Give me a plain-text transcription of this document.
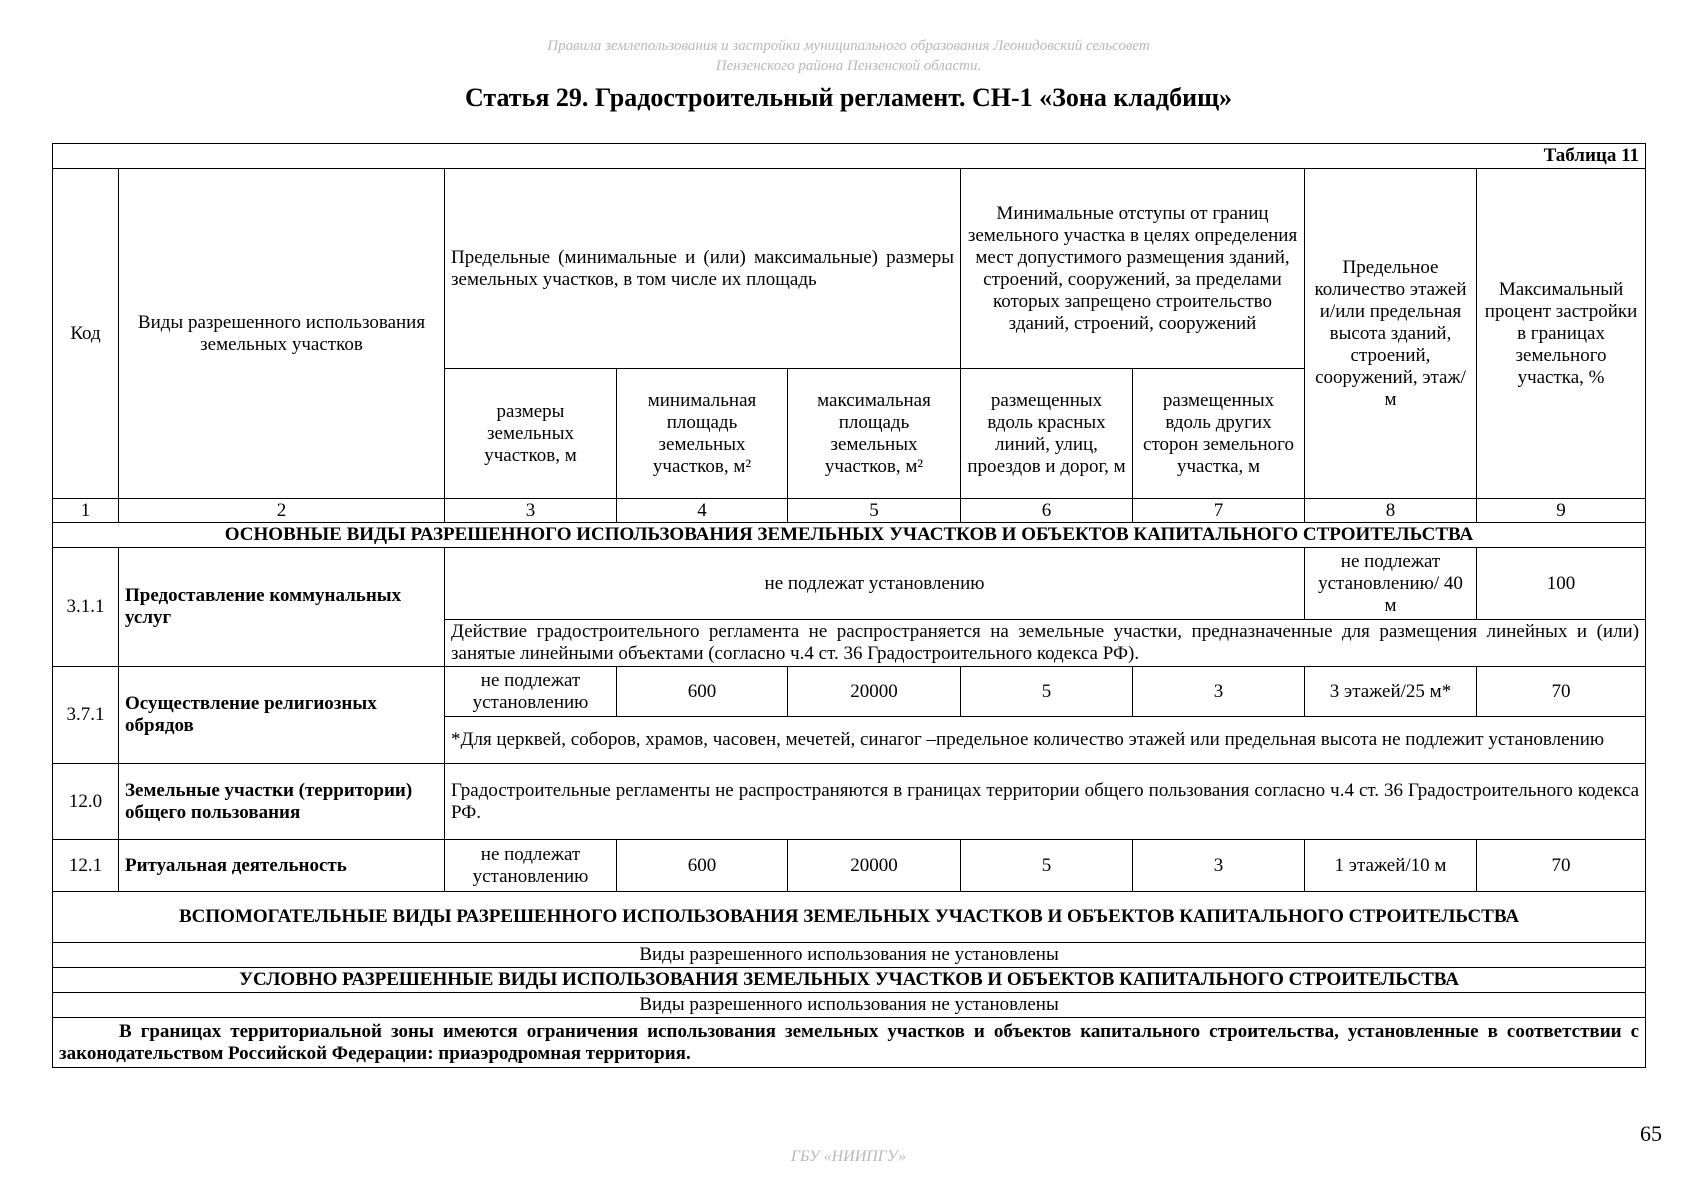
Правила землепользования и застройки муниципального образования Леонидовский сельсовет
Пензенского района Пензенской области.
Статья 29. Градостроительный регламент. СН-1 «Зона кладбищ»
Таблица 11								
Код	Виды разрешенного использования земельных участков	Предельные (минимальные и (или) максимальные) размеры земельных участков, в том числе их площадь			Минимальные отступы от границ земельного участка в целях определения мест допустимого размещения зданий, строений, сооружений, за пределами которых запрещено строительство зданий, строений, сооружений		Предельное количество этажей и/или предельная высота зданий, строений, сооружений, этаж/м	Максимальный процент застройки в границах земельного участка, %
		размеры земельных участков, м	минимальная площадь земельных участков, м²	максимальная площадь земельных участков, м²	размещенных вдоль красных линий, улиц, проездов и дорог, м	размещенных вдоль других сторон земельного участка, м		
1	2	3	4	5	6	7	8	9
ОСНОВНЫЕ ВИДЫ РАЗРЕШЕННОГО ИСПОЛЬЗОВАНИЯ ЗЕМЕЛЬНЫХ УЧАСТКОВ И ОБЪЕКТОВ КАПИТАЛЬНОГО СТРОИТЕЛЬСТВА								
3.1.1	Предоставление коммунальных услуг	не подлежат установлению					не подлежат установлению/ 40 м	100
		Действие градостроительного регламента не распространяется на земельные участки, предназначенные для размещения линейных и (или) занятые линейными объектами (согласно ч.4 ст. 36 Градостроительного кодекса РФ).						
3.7.1	Осуществление религиозных обрядов	не подлежат установлению	600	20000	5	3	3 этажей/25 м*	70
		*Для церквей, соборов, храмов, часовен, мечетей, синагог –предельное количество этажей или предельная высота не подлежит установлению						
12.0	Земельные участки (территории) общего пользования	Градостроительные регламенты не распространяются в границах территории общего пользования согласно ч.4 ст. 36 Градостроительного кодекса РФ.						
12.1	Ритуальная деятельность	не подлежат установлению	600	20000	5	3	1 этажей/10 м	70
ВСПОМОГАТЕЛЬНЫЕ ВИДЫ РАЗРЕШЕННОГО ИСПОЛЬЗОВАНИЯ ЗЕМЕЛЬНЫХ УЧАСТКОВ И ОБЪЕКТОВ КАПИТАЛЬНОГО СТРОИТЕЛЬСТВА								
Виды разрешенного использования не установлены								
УСЛОВНО РАЗРЕШЕННЫЕ ВИДЫ ИСПОЛЬЗОВАНИЯ ЗЕМЕЛЬНЫХ УЧАСТКОВ И ОБЪЕКТОВ КАПИТАЛЬНОГО СТРОИТЕЛЬСТВА								
Виды разрешенного использования не установлены								
В границах территориальной зоны имеются ограничения использования земельных участков и объектов капитального строительства, установленные в соответствии с законодательством Российской Федерации: приаэродромная территория.								
65
ГБУ «НИИПГУ»
